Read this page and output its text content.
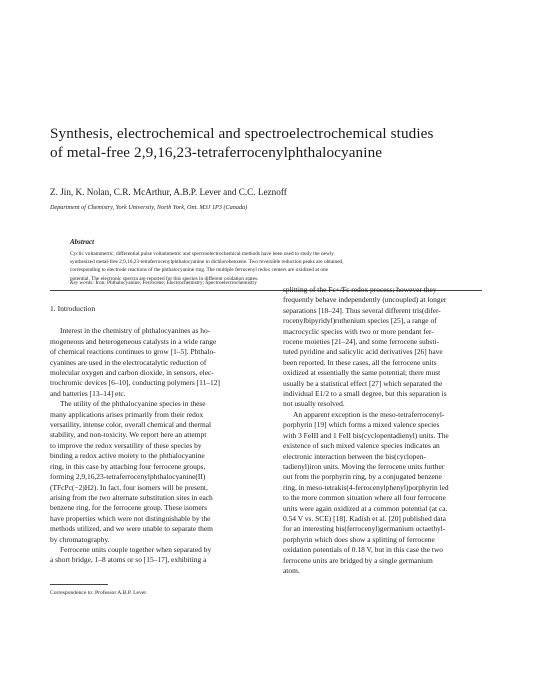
Synthesis, electrochemical and spectroelectrochemical studies
of metal-free 2,9,16,23-tetraferrocenylphthalocyanine
Z. Jin, K. Nolan, C.R. McArthur, A.B.P. Lever and C.C. Leznoff
Department of Chemistry, York University, North York, Ont. M3J 1P3 (Canada)
Abstract
Cyclic voltammetric, differential pulse voltammetric and spectroelectrochemical methods have been used to study the newly
synthesized metal-free 2,9,16,23-tetraferrocenylphthalocyanine in dichlorobenzene. Two reversible reduction peaks are obtained,
corresponding to electrode reactions of the phthalocyanine ring. The multiple ferrocenyl redox centers are oxidized at one
potential. The electronic spectra are reported for this species in different oxidation states.
Key words: Iron; Phthalocyanine; Ferrocene; Electrochemistry; Spectroelectrochemistry
1. Introduction
Interest in the chemistry of phthalocyanines as ho-
mogeneous and heterogeneous catalysts in a wide range
of chemical reactions continues to grow [1–5]. Phthalo-
cyanines are used in the electrocatalytic reduction of
molecular oxygen and carbon dioxide, in sensors, elec-
trochromic devices [6–10], conducting polymers [11–12]
and batteries [13–14] etc.
The utility of the phthalocyanine species in these
many applications arises primarily from their redox
versatility, intense color, overall chemical and thermal
stability, and non-toxicity. We report here an attempt
to improve the redox versatility of these species by
binding a redox active moiety to the phthalocyanine
ring, in this case by attaching four ferrocene groups,
forming 2,9,16,23-tetraferrocenylphthalocyanine(II)
(TFcPc(−2)H2). In fact, four isomers will be present,
arising from the two alternate substitution sites in each
benzene ring, for the ferrocene group. These isomers
have properties which were not distinguishable by the
methods utilized, and we were unable to separate them
by chromatography.
Ferrocene units couple together when separated by
a short bridge, 1–8 atoms or so [15–17], exhibiting a
splitting of the Fc+/Fc redox process; however they
frequently behave independently (uncoupled) at longer
separations [18–24]. Thus several different tris(difer-
rocenylbipyridyl)ruthenium species [25], a range of
macrocyclic species with two or more pendant fer-
rocene moieties [21–24], and some ferrocene substi-
tuted pyridine and salicylic acid derivatives [26] have
been reported. In these cases, all the ferrocene units
oxidized at essentially the same potential; there must
usually be a statistical effect [27] which separated the
individual E1/2 to a small degree, but this separation is
not usually resolved.
An apparent exception is the meso-tetraferrocenyl-
porphyrin [19] which forms a mixed valence species
with 3 FeIII and 1 FeII bis(cyclopentadienyl) units. The
existence of such mixed valence species indicates an
electronic interaction between the bis(cyclopen-
tadienyl)iron units. Moving the ferrocene units further
out from the porphyrin ring, by a conjugated benzene
ring, in meso-tetrakis(4-ferrocenylphenyl)porphyrin led
to the more common situation where all four ferrocene
units were again oxidized at a common potential (at ca.
0.54 V vs. SCE) [18]. Kadish et al. [20] published data
for an interesting bis(ferrocenyl)germanium octaethyl-
porphyrin which does show a splitting of ferrocene
oxidation potentials of 0.18 V, but in this case the two
ferrocene units are bridged by a single germanium
atom.
Correspondence to: Professor A.B.P. Lever.
